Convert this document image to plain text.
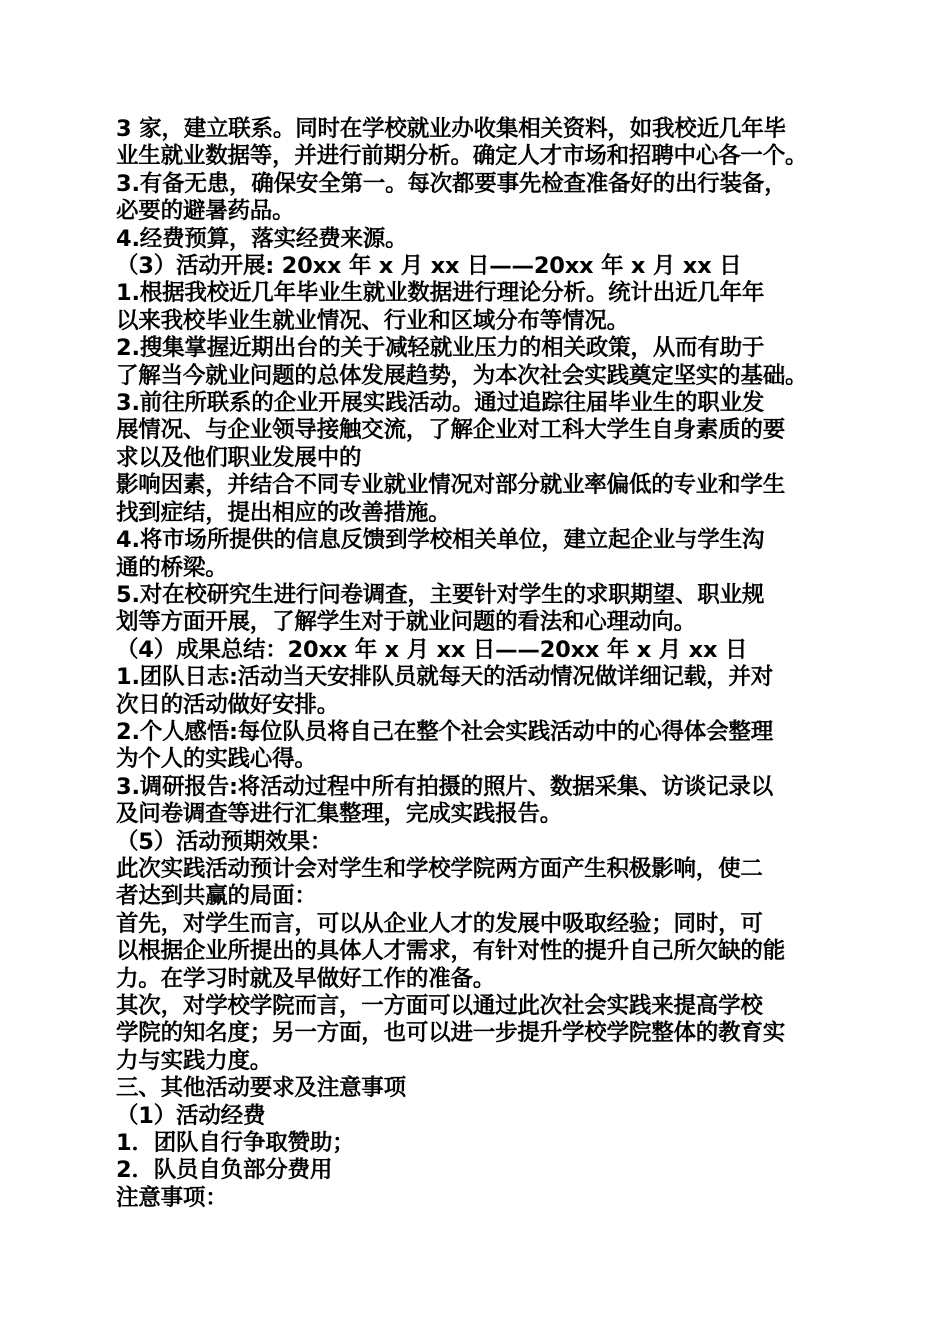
3 家，建立联系。同时在学校就业办收集相关资料，如我校近几年毕
业生就业数据等，并进行前期分析。确定人才市场和招聘中心各一个。
3.有备无患，确保安全第一。每次都要事先检查准备好的出行装备，
必要的避暑药品。
4.经费预算，落实经费来源。
（3）活动开展: 20xx 年 x 月 xx 日——20xx 年 x 月 xx 日
1.根据我校近几年毕业生就业数据进行理论分析。统计出近几年年
以来我校毕业生就业情况、行业和区域分布等情况。
2.搜集掌握近期出台的关于减轻就业压力的相关政策，从而有助于
了解当今就业问题的总体发展趋势，为本次社会实践奠定坚实的基础。
3.前往所联系的企业开展实践活动。通过追踪往届毕业生的职业发
展情况、与企业领导接触交流，了解企业对工科大学生自身素质的要
求以及他们职业发展中的
影响因素，并结合不同专业就业情况对部分就业率偏低的专业和学生
找到症结，提出相应的改善措施。
4.将市场所提供的信息反馈到学校相关单位，建立起企业与学生沟
通的桥梁。
5.对在校研究生进行问卷调查，主要针对学生的求职期望、职业规
划等方面开展，了解学生对于就业问题的看法和心理动向。
（4）成果总结：20xx 年 x 月 xx 日——20xx 年 x 月 xx 日
1.团队日志:活动当天安排队员就每天的活动情况做详细记载，并对
次日的活动做好安排。
2.个人感悟:每位队员将自己在整个社会实践活动中的心得体会整理
为个人的实践心得。
3.调研报告:将活动过程中所有拍摄的照片、数据采集、访谈记录以
及问卷调查等进行汇集整理，完成实践报告。
（5）活动预期效果：
此次实践活动预计会对学生和学校学院两方面产生积极影响，使二
者达到共赢的局面：
首先，对学生而言，可以从企业人才的发展中吸取经验；同时，可
以根据企业所提出的具体人才需求，有针对性的提升自己所欠缺的能
力。在学习时就及早做好工作的准备。
其次，对学校学院而言，一方面可以通过此次社会实践来提高学校
学院的知名度；另一方面，也可以进一步提升学校学院整体的教育实
力与实践力度。
三、其他活动要求及注意事项
（1）活动经费
1．团队自行争取赞助；
2．队员自负部分费用
注意事项：
